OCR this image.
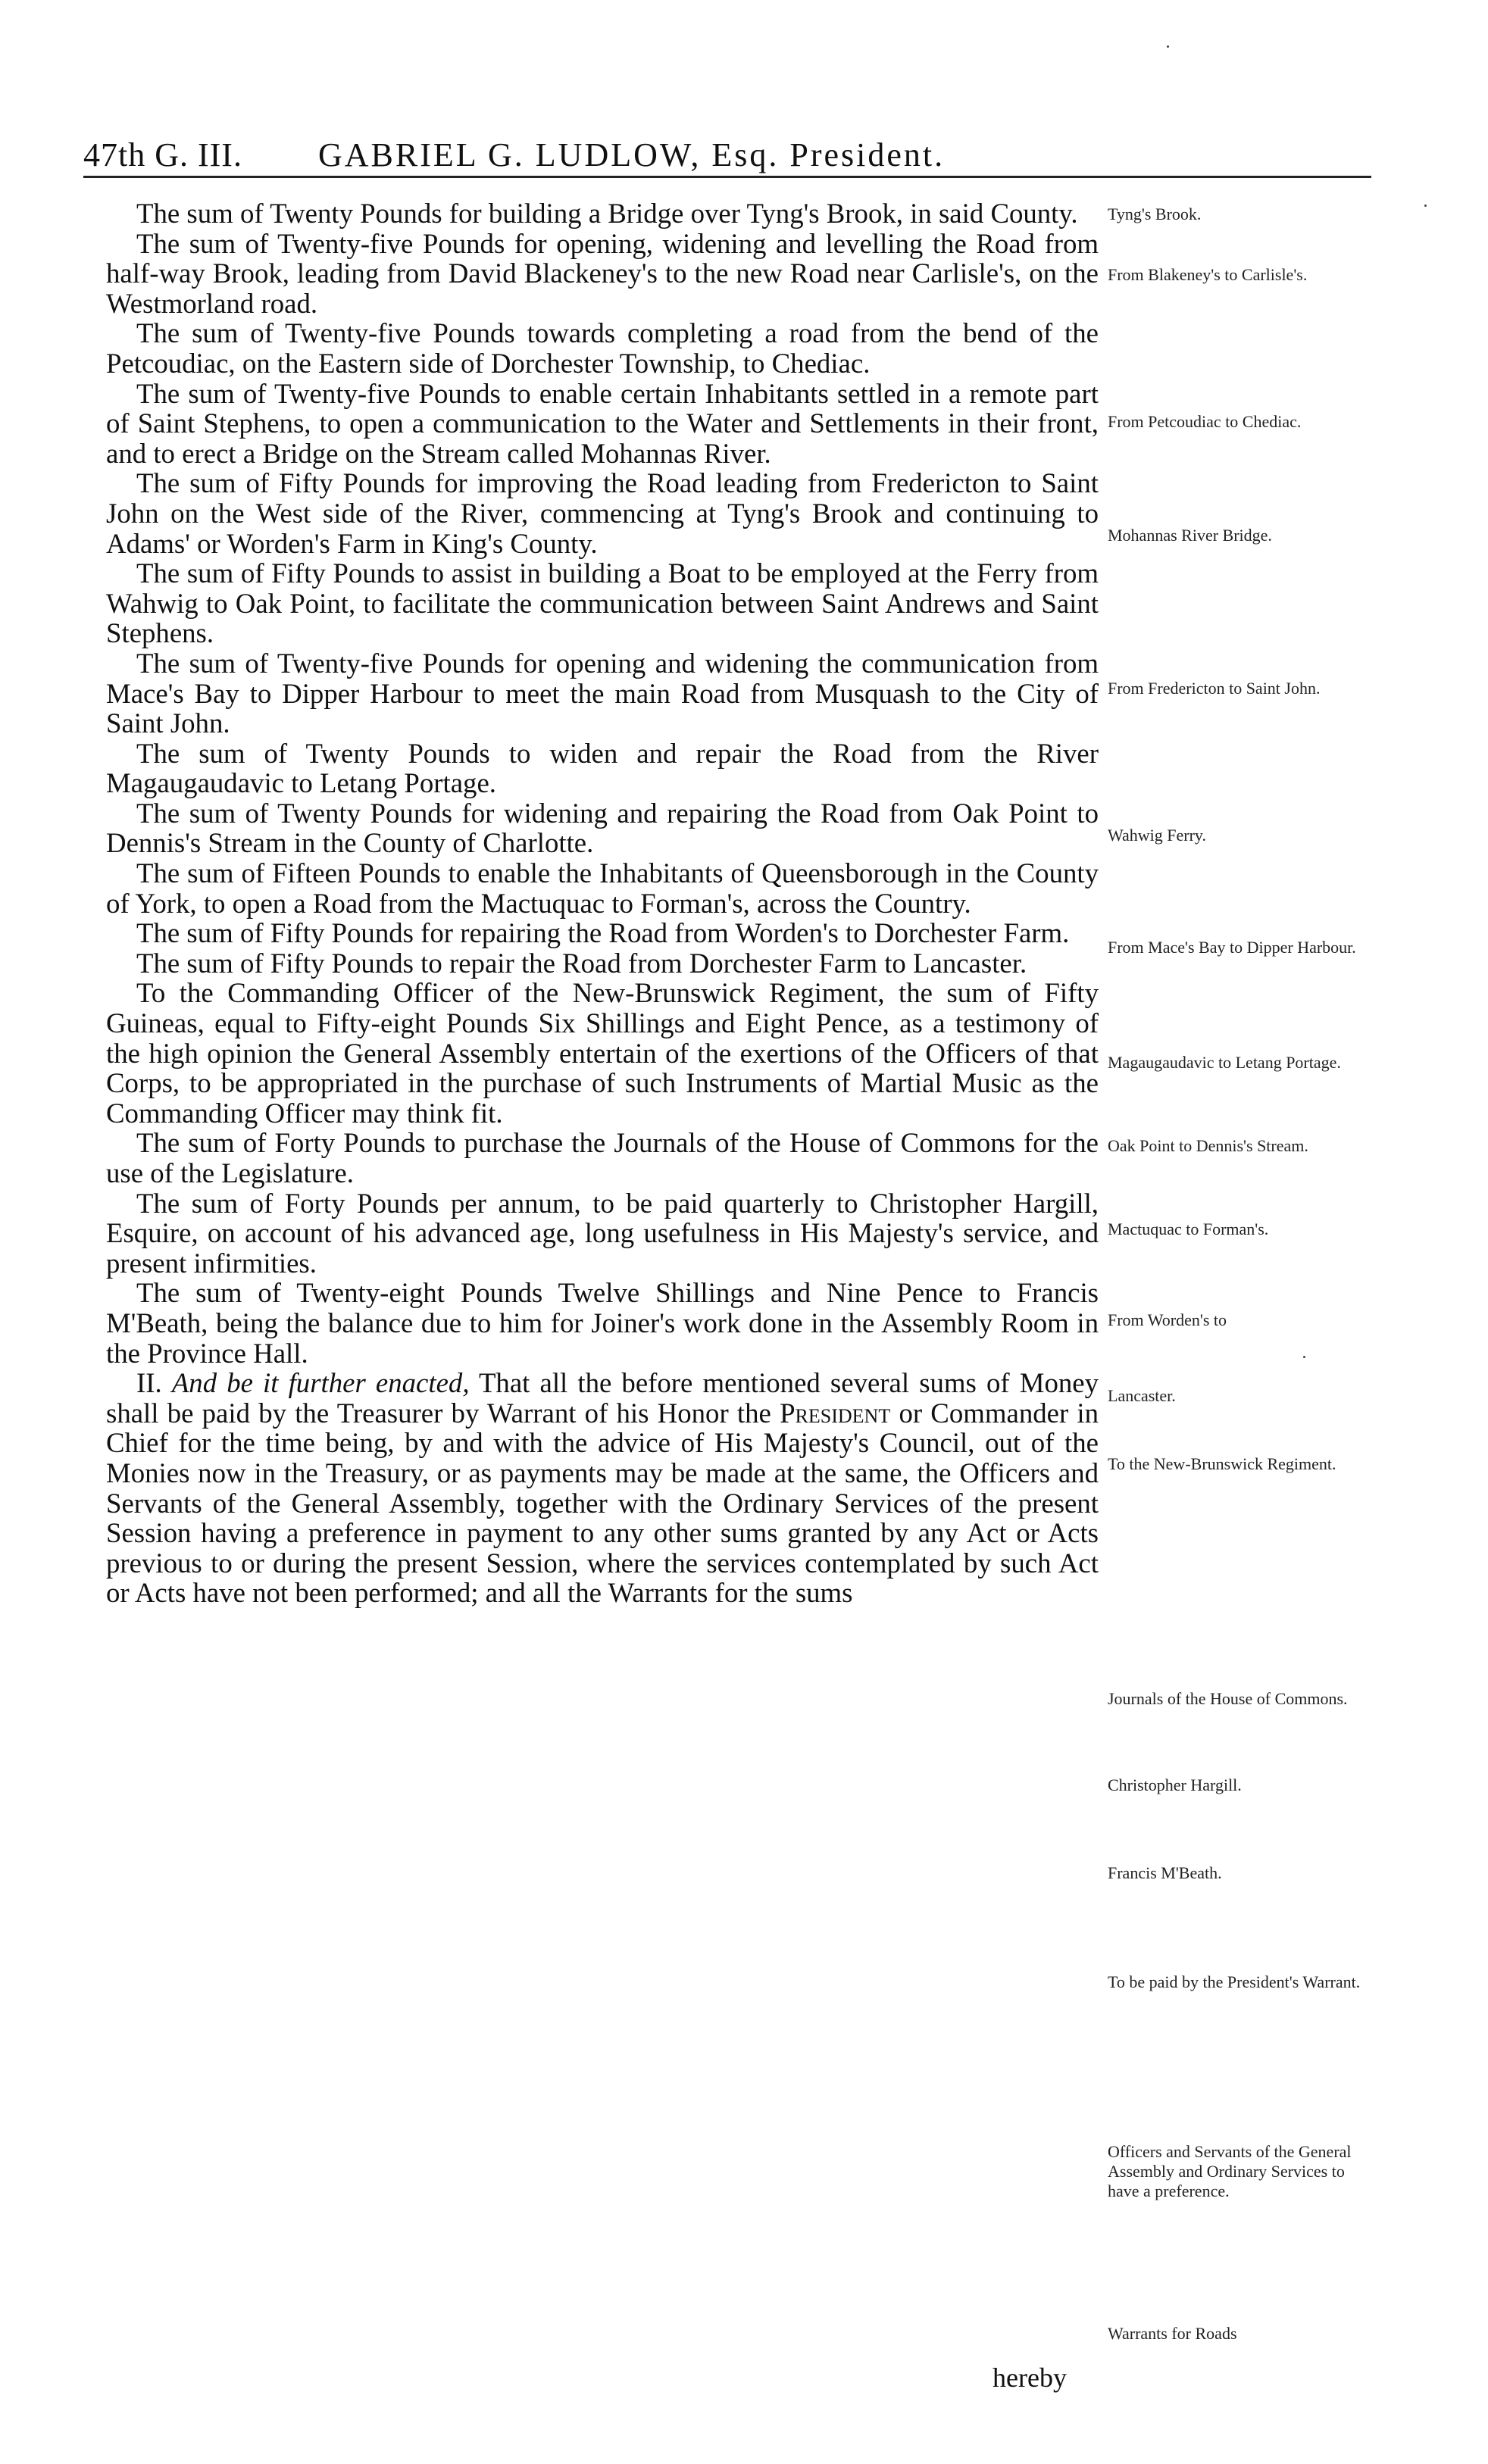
47th G. III.	GABRIEL G. LUDLOW, Esq. President.

The sum of Twenty Pounds for building a Bridge over Tyng's Brook, in said County.

The sum of Twenty-five Pounds for opening, widening and levelling the Road from half-way Brook, leading from David Blackeney's to the new Road near Carlisle's, on the Westmorland road.

The sum of Twenty-five Pounds towards completing a road from the bend of the Petcoudiac, on the Eastern side of Dorchester Township, to Chediac.

The sum of Twenty-five Pounds to enable certain Inhabitants settled in a remote part of Saint Stephens, to open a communication to the Water and Settlements in their front, and to erect a Bridge on the Stream called Mohannas River.

The sum of Fifty Pounds for improving the Road leading from Fredericton to Saint John on the West side of the River, commencing at Tyng's Brook and continuing to Adams' or Worden's Farm in King's County.

The sum of Fifty Pounds to assist in building a Boat to be employed at the Ferry from Wahwig to Oak Point, to facilitate the communication between Saint Andrews and Saint Stephens.

The sum of Twenty-five Pounds for opening and widening the communication from Mace's Bay to Dipper Harbour to meet the main Road from Musquash to the City of Saint John.

The sum of Twenty Pounds to widen and repair the Road from the River Magaugaudavic to Letang Portage.

The sum of Twenty Pounds for widening and repairing the Road from Oak Point to Dennis's Stream in the County of Charlotte.

The sum of Fifteen Pounds to enable the Inhabitants of Queensborough in the County of York, to open a Road from the Mactuquac to Forman's, across the Country.

The sum of Fifty Pounds for repairing the Road from Worden's to Dorchester Farm.

The sum of Fifty Pounds to repair the Road from Dorchester Farm to Lancaster.

To the Commanding Officer of the New-Brunswick Regiment, the sum of Fifty Guineas, equal to Fifty-eight Pounds Six Shillings and Eight Pence, as a testimony of the high opinion the General Assembly entertain of the exertions of the Officers of that Corps, to be appropriated in the purchase of such Instruments of Martial Music as the Commanding Officer may think fit.

The sum of Forty Pounds to purchase the Journals of the House of Commons for the use of the Legislature.

The sum of Forty Pounds per annum, to be paid quarterly to Christopher Hargill, Esquire, on account of his advanced age, long usefulness in His Majesty's service, and present infirmities.

The sum of Twenty-eight Pounds Twelve Shillings and Nine Pence to Francis M'Beath, being the balance due to him for Joiner's work done in the Assembly Room in the Province Hall.

II. And be it further enacted, That all the before mentioned several sums of Money shall be paid by the Treasurer by Warrant of his Honor the President or Commander in Chief for the time being, by and with the advice of His Majesty's Council, out of the Monies now in the Treasury, or as payments may be made at the same, the Officers and Servants of the General Assembly, together with the Ordinary Services of the present Session having a preference in payment to any other sums granted by any Act or Acts previous to or during the present Session, where the services contemplated by such Act or Acts have not been performed; and all the Warrants for the sums

hereby
Tyng's Brook.
From Blakeney's to Carlisle's.
From Petcoudiac to Chediac.
Mohannas River Bridge.
From Fredericton to Saint John.
Wahwig Ferry.
From Mace's Bay to Dipper Harbour.
Magaugaudavic to Letang Portage.
Oak Point to Dennis's Stream.
Mactuquac to Forman's.
From Worden's to
Lancaster.
To the New-Brunswick Regiment.
Journals of the House of Commons.
Christopher Hargill.
Francis M'Beath.
To be paid by the President's Warrant.
Officers and Servants of the General Assembly and Ordinary Services to have a preference.
Warrants for Roads
